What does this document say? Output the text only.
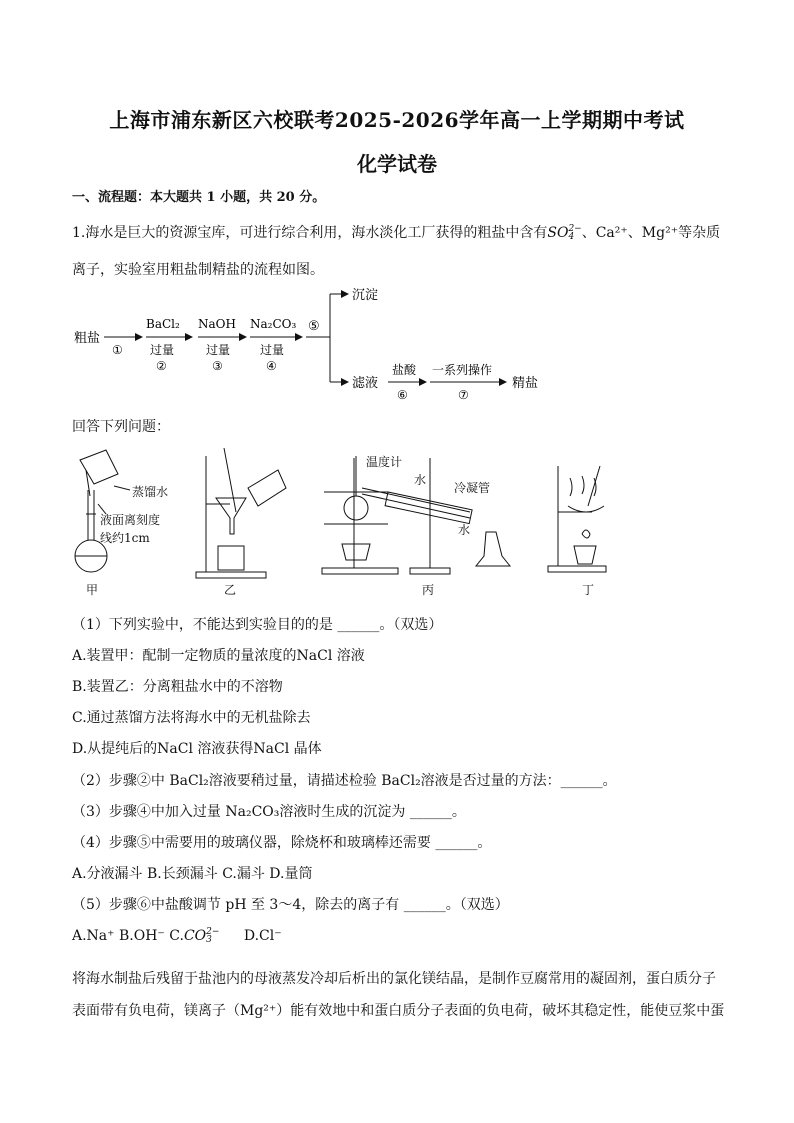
上海市浦东新区六校联考2025-2026学年高一上学期期中考试
化学试卷
一、流程题：本大题共 1 小题，共 20 分。
1.海水是巨大的资源宝库，可进行综合利用，海水淡化工厂获得的粗盐中含有SO 2−
4 、Ca²⁺、Mg²⁺等杂质
离子，实验室用粗盐制精盐的流程如图。
粗盐
①
BaCl₂
过量
②
NaOH
过量
③
Na₂CO₃
过量
④
⑤
沉淀
滤液
盐酸
⑥
一系列操作
⑦
精盐
回答下列问题：
蒸馏水
液面离刻度
线约1cm
甲	乙
温度计
水
冷凝管
水
丙	丁
（1）下列实验中，不能达到实验目的的是 ______。（双选）
A.装置甲：配制一定物质的量浓度的NaCl 溶液
B.装置乙：分离粗盐水中的不溶物
C.通过蒸馏方法将海水中的无机盐除去
D.从提纯后的NaCl 溶液获得NaCl 晶体
（2）步骤②中 BaCl₂溶液要稍过量，请描述检验 BaCl₂溶液是否过量的方法：______。
（3）步骤④中加入过量 Na₂CO₃溶液时生成的沉淀为 ______。
（4）步骤⑤中需要用的玻璃仪器，除烧杯和玻璃棒还需要 ______。
A.分液漏斗 B.长颈漏斗 C.漏斗 D.量筒
（5）步骤⑥中盐酸调节 pH 至 3～4，除去的离子有 ______。（双选）
A.Na⁺ B.OH⁻ C.CO 2−
3	D.Cl⁻
将海水制盐后残留于盐池内的母液蒸发冷却后析出的氯化镁结晶，是制作豆腐常用的凝固剂，蛋白质分子
表面带有负电荷，镁离子（Mg²⁺）能有效地中和蛋白质分子表面的负电荷，破坏其稳定性，能使豆浆中蛋
